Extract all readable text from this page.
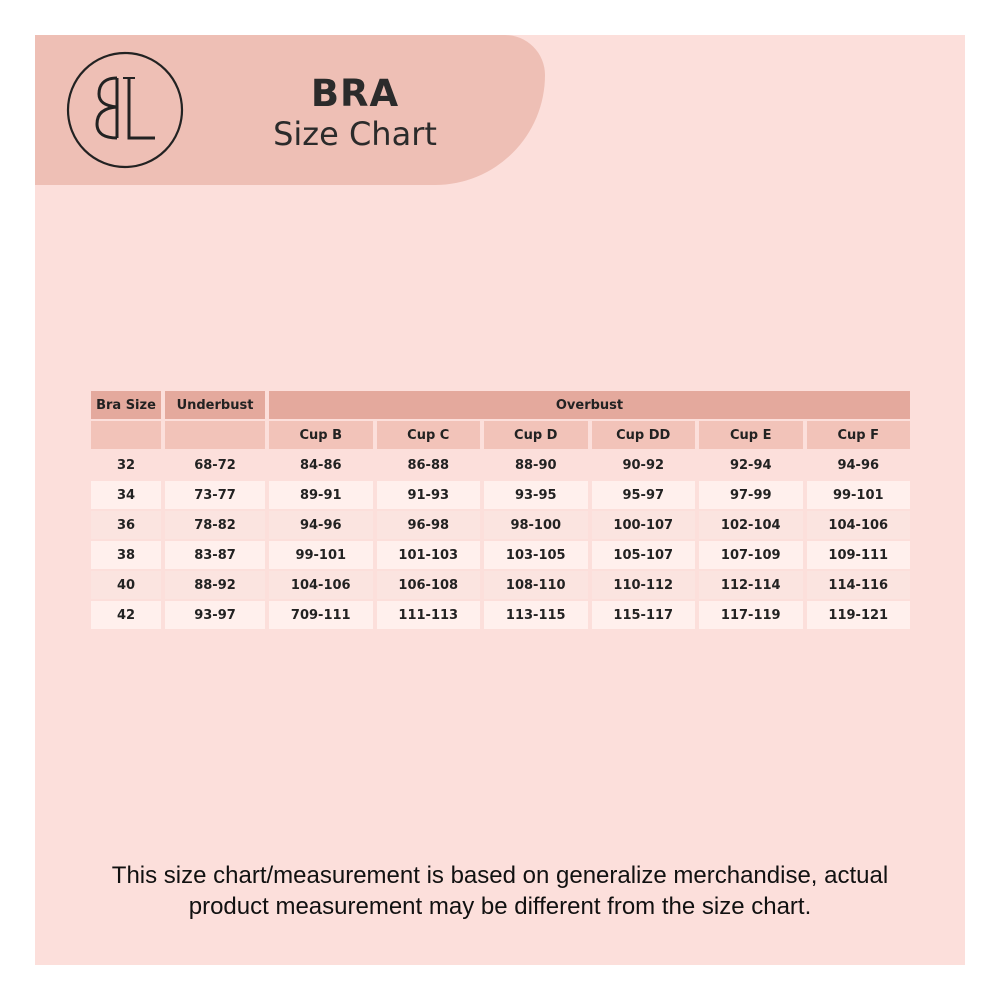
BRA
Size Chart
Bra Size	Underbust	Overbust					
		Cup B	Cup C	Cup D	Cup DD	Cup E	Cup F
32	68-72	84-86	86-88	88-90	90-92	92-94	94-96
34	73-77	89-91	91-93	93-95	95-97	97-99	99-101
36	78-82	94-96	96-98	98-100	100-107	102-104	104-106
38	83-87	99-101	101-103	103-105	105-107	107-109	109-111
40	88-92	104-106	106-108	108-110	110-112	112-114	114-116
42	93-97	709-111	111-113	113-115	115-117	117-119	119-121
This size chart/measurement is based on generalize merchandise, actual
product measurement may be different from the size chart.
